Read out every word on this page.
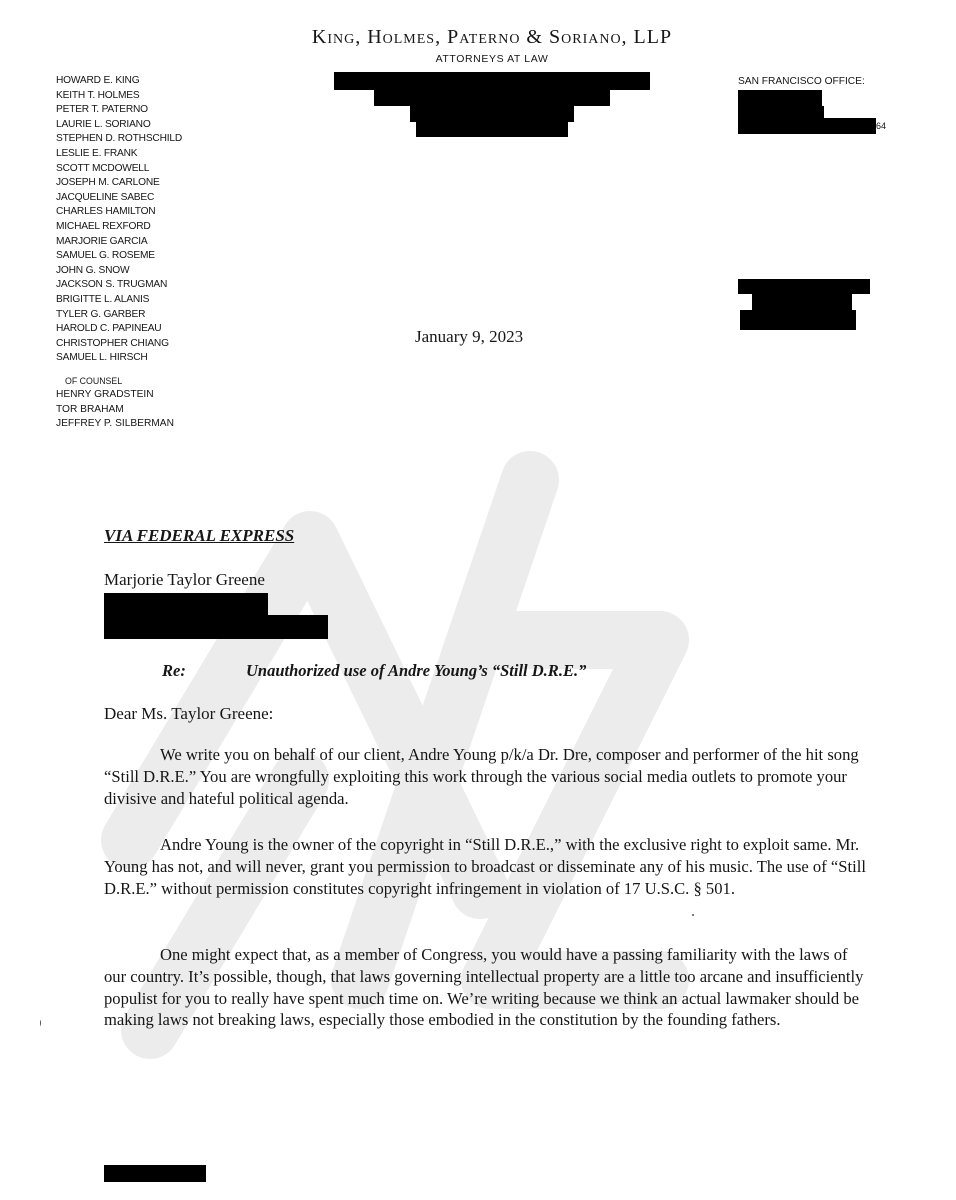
King, Holmes, Paterno & Soriano, LLP
ATTORNEYS AT LAW
HOWARD E. KING
KEITH T. HOLMES
PETER T. PATERNO
LAURIE L. SORIANO
STEPHEN D. ROTHSCHILD
LESLIE E. FRANK
SCOTT MCDOWELL
JOSEPH M. CARLONE
JACQUELINE SABEC
CHARLES HAMILTON
MICHAEL REXFORD
MARJORIE GARCIA
SAMUEL G. ROSEME
JOHN G. SNOW
JACKSON S. TRUGMAN
BRIGITTE L. ALANIS
TYLER G. GARBER
HAROLD C. PAPINEAU
CHRISTOPHER CHIANG
SAMUEL L. HIRSCH
OF COUNSEL
HENRY GRADSTEIN
TOR BRAHAM
JEFFREY P. SILBERMAN
SAN FRANCISCO OFFICE:
64
January 9, 2023
VIA FEDERAL EXPRESS
Marjorie Taylor Greene
Re:	Unauthorized use of Andre Young’s “Still D.R.E.”
Dear Ms. Taylor Greene:

We write you on behalf of our client, Andre Young p/k/a Dr. Dre, composer and performer of the hit song “Still D.R.E.” You are wrongfully exploiting this work through the various social media outlets to promote your divisive and hateful political agenda.

Andre Young is the owner of the copyright in “Still D.R.E.,” with the exclusive right to exploit same. Mr. Young has not, and will never, grant you permission to broadcast or disseminate any of his music. The use of “Still D.R.E.” without permission constitutes copyright infringement in violation of 17 U.S.C. § 501.

One might expect that, as a member of Congress, you would have a passing familiarity with the laws of our country. It’s possible, though, that laws governing intellectual property are a little too arcane and insufficiently populist for you to really have spent much time on. We’re writing because we think an actual lawmaker should be making laws not breaking laws, especially those embodied in the constitution by the founding fathers.
